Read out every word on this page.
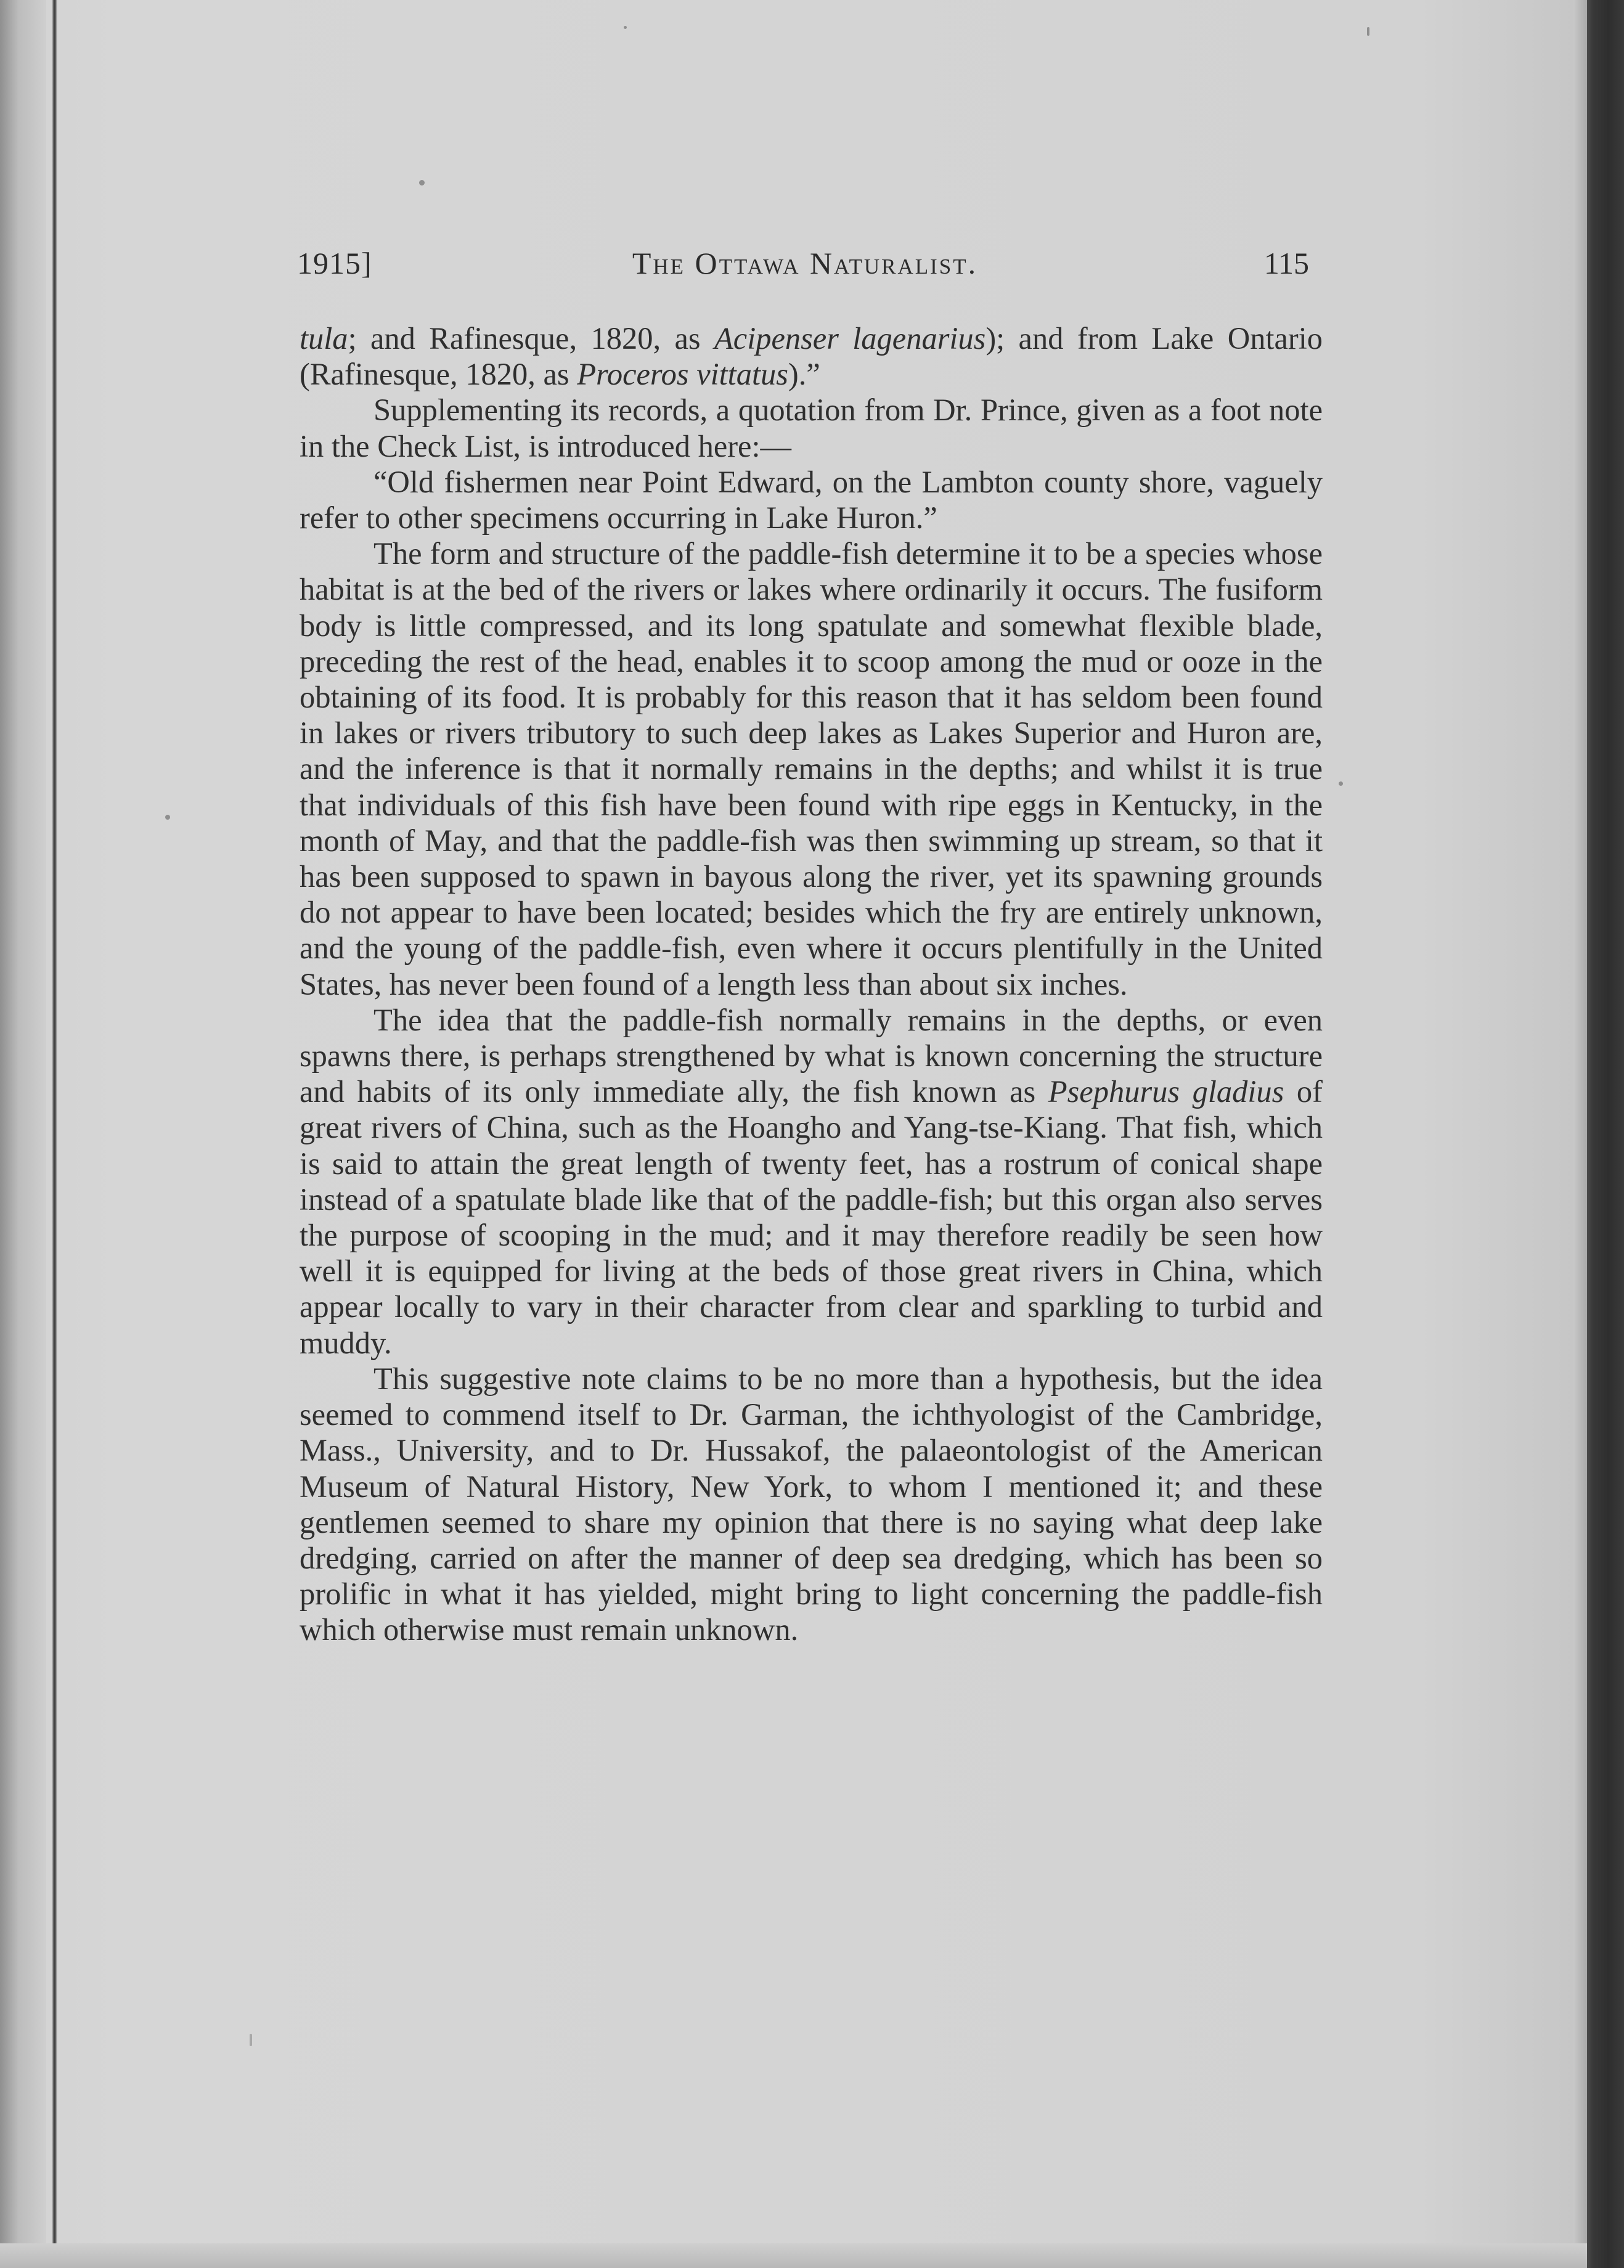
1915]	The Ottawa Naturalist.	115

tula; and Rafinesque, 1820, as Acipenser lagenarius); and from Lake Ontario (Rafinesque, 1820, as Proceros vittatus).”

Supplementing its records, a quotation from Dr. Prince, given as a foot note in the Check List, is introduced here:—

“Old fishermen near Point Edward, on the Lambton county shore, vaguely refer to other specimens occurring in Lake Huron.”

The form and structure of the paddle-fish determine it to be a species whose habitat is at the bed of the rivers or lakes where ordinarily it occurs. The fusiform body is little compressed, and its long spatulate and somewhat flexible blade, preceding the rest of the head, enables it to scoop among the mud or ooze in the obtaining of its food. It is probably for this reason that it has seldom been found in lakes or rivers tributory to such deep lakes as Lakes Superior and Huron are, and the inference is that it normally remains in the depths; and whilst it is true that individuals of this fish have been found with ripe eggs in Kentucky, in the month of May, and that the paddle-fish was then swimming up stream, so that it has been supposed to spawn in bayous along the river, yet its spawning grounds do not appear to have been located; besides which the fry are entirely unknown, and the young of the paddle-fish, even where it occurs plentifully in the United States, has never been found of a length less than about six inches.

The idea that the paddle-fish normally remains in the depths, or even spawns there, is perhaps strengthened by what is known concerning the structure and habits of its only immediate ally, the fish known as Psephurus gladius of great rivers of China, such as the Hoangho and Yang-tse-Kiang. That fish, which is said to attain the great length of twenty feet, has a rostrum of conical shape instead of a spatulate blade like that of the paddle-fish; but this organ also serves the purpose of scooping in the mud; and it may therefore readily be seen how well it is equipped for living at the beds of those great rivers in China, which appear locally to vary in their character from clear and sparkling to turbid and muddy.

This suggestive note claims to be no more than a hypothesis, but the idea seemed to commend itself to Dr. Garman, the ichthyologist of the Cambridge, Mass., University, and to Dr. Hussakof, the palaeontologist of the American Museum of Natural History, New York, to whom I mentioned it; and these gentlemen seemed to share my opinion that there is no saying what deep lake dredging, carried on after the manner of deep sea dredging, which has been so prolific in what it has yielded, might bring to light concerning the paddle-fish which otherwise must remain unknown.
